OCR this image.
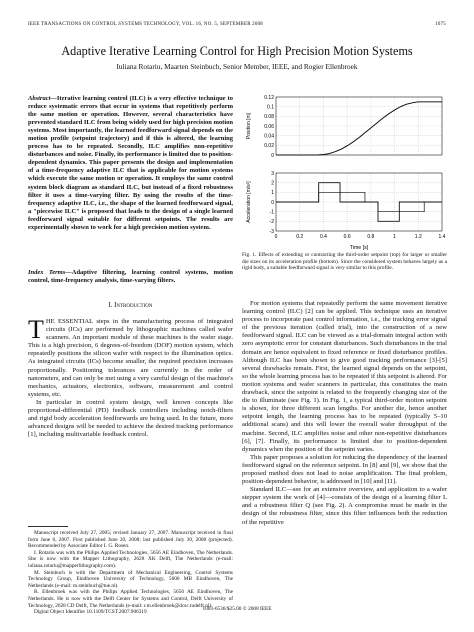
IEEE TRANSACTIONS ON CONTROL SYSTEMS TECHNOLOGY, VOL. 16, NO. 5, SEPTEMBER 2008	1075
Adaptive Iterative Learning Control for High Precision Motion Systems
Iuliana Rotariu, Maarten Steinbuch, Senior Member, IEEE, and Rogier Ellenbroek
Abstract—Iterative learning control (ILC) is a very effective technique to reduce systematic errors that occur in systems that repetitively perform the same motion or operation. However, several characteristics have prevented standard ILC from being widely used for high precision motion systems. Most importantly, the learned feedforward signal depends on the motion profile (setpoint trajectory) and if this is altered, the learning process has to be repeated. Secondly, ILC amplifies non-repetitive disturbances and noise. Finally, its performance is limited due to position-dependent dynamics. This paper presents the design and implementation of a time-frequency adaptive ILC that is applicable for motion systems which execute the same motion or operation. It employs the same control system block diagram as standard ILC, but instead of a fixed robustness filter it uses a time-varying filter. By using the results of the time-frequency adaptive ILC, i.e., the shape of the learned feedforward signal, a "piecewise ILC" is proposed that leads to the design of a single learned feedforward signal suitable for different setpoints. The results are experimentally shown to work for a high precision motion system.
Index Terms—Adaptive filtering, learning control systems, motion control, time-frequency analysis, time-varying filters.
I. Introduction

THE ESSENTIAL steps in the manufacturing process of integrated circuits (ICs) are performed by lithographic machines called wafer scanners. An important module of these machines is the wafer stage. This is a high precision, 6 degrees-of-freedom (DOF) motion system, which repeatedly positions the silicon wafer with respect to the illumination optics. As integrated circuits (ICs) become smaller, the required precision increases proportionally. Positioning tolerances are currently in the order of nanometers, and can only be met using a very careful design of the machine's mechanics, actuators, electronics, software, measurement and control systems, etc.

In particular in control system design, well known concepts like proportional-differential (PD) feedback controllers including notch-filters and rigid body acceleration feedforwards are being used. In the future, more advanced designs will be needed to achieve the desired tracking performance [1], including multivariable feedback control.

Manuscript received July 27, 2005; revised January 27, 2007. Manuscript received in final form June 6, 2007. First published June 20, 2008; last published July 30, 2008 (projected). Recommended by Associate Editor I. G. Rosen.

I. Rotariu was with the Philips Applied Technologies, 5656 AE Eindhoven, The Netherlands. She is now with the Mapper Lithography, 2628 XK Delft, The Netherlands (e-mail: iuliana.rotariu@mapperlithography.com).

M. Steinbuch is with the Department of Mechanical Engineering, Control Systems Technology Group, Eindhoven University of Technology, 5600 MB Eindhoven, The Netherlands (e-mail: m.steinbuch@tue.nl).

R. Ellenbroek was with the Philips Applied Technologies, 5656 AE Eindhoven, The Netherlands. He is now with the Delft Center for Systems and Control, Delft University of Technology, 2628 CD Delft, The Netherlands (e-mail: r.m.ellenbroek@dcsc.tudelft.nl).

Digital Object Identifier 10.1109/TCST.2007.906319

1063-6536/$25.00 © 2008 IEEE
0
0.02
0.04
0.06
0.08
0.1
0.12
Position [m]
-3
-2
-1
0
1
2
3
0	0.2	0.4	0.6	0.8	1	1.2	1.4
Acceleration [m/s²]
Time [s]
Fig. 1. Effects of extending or contracting the third-order setpoint (top) for larger or smaller die sizes on its acceleration profile (bottom). Since the considered system behaves largely as a rigid body, a suitable feedforward signal is very similar to this profile.

For motion systems that repeatedly perform the same movement iterative learning control (ILC) [2] can be applied. This technique uses an iterative process to incorporate past control information, i.e., the tracking error signal of the previous iteration (called trial), into the construction of a new feedforward signal. ILC can be viewed as a trial-domain integral action with zero asymptotic error for constant disturbances. Such disturbances in the trial domain are hence equivalent to fixed reference or fixed disturbance profiles. Although ILC has been shown to give good tracking performance [3]-[5] several drawbacks remain. First, the learned signal depends on the setpoint, so the whole learning process has to be repeated if this setpoint is altered. For motion systems and wafer scanners in particular, this constitutes the main drawback, since the setpoint is related to the frequently changing size of the die to illuminate (see Fig. 1). In Fig. 1, a typical third-order motion setpoint is shown, for three different scan lengths. For another die, hence another setpoint length, the learning process has to be repeated (typically 5–10 additional scans) and this will lower the overall wafer throughput of the machine. Second, ILC amplifies noise and other non-repetitive disturbances [6], [7]. Finally, its performance is limited due to position-dependent dynamics when the position of the setpoint varies.

This paper proposes a solution for reducing the dependency of the learned feedforward signal on the reference setpoint. In [8] and [9], we show that the proposed method does not lead to noise amplification. The final problem, position-dependent behavior, is addressed in [10] and [11].

Standard ILC—see for an extensive overview, and application to a wafer stepper system the work of [4]—consists of the design of a learning filter L and a robustness filter Q (see Fig. 2). A compromise must be made in the design of the robustness filter, since this filter influences both the reduction of the repetitive
